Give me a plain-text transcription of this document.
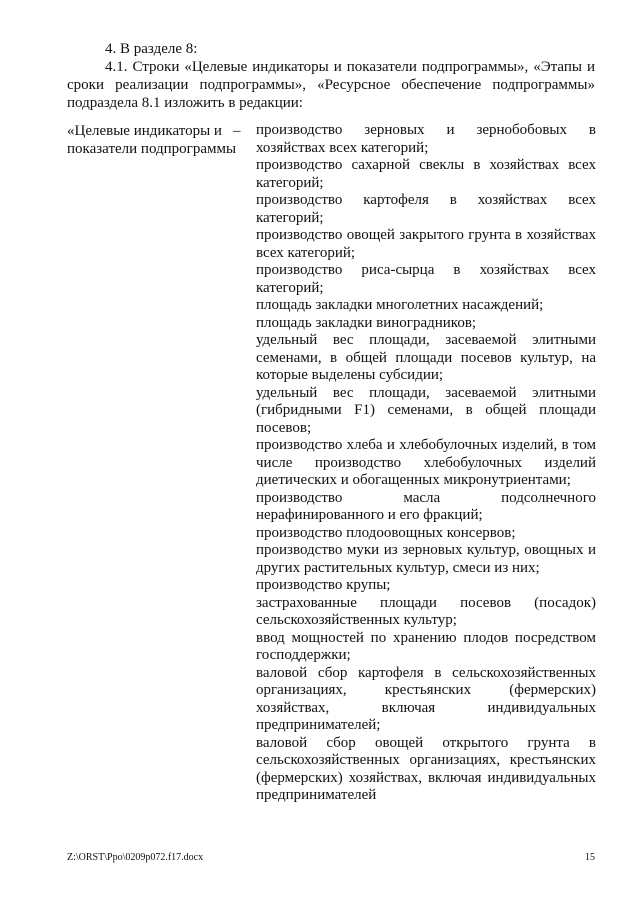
4. В разделе 8:
4.1. Строки «Целевые индикаторы и показатели подпрограммы», «Этапы и сроки реализации подпрограммы», «Ресурсное обеспечение подпрограммы» подраздела 8.1 изложить в редакции:
«Целевые индикаторы и показатели подпрограммы
– производство зерновых и зернобобовых в хозяйствах всех категорий;
производство сахарной свеклы в хозяйствах всех категорий;
производство картофеля в хозяйствах всех категорий;
производство овощей закрытого грунта в хозяйствах всех категорий;
производство риса-сырца в хозяйствах всех категорий;
площадь закладки многолетних насаждений;
площадь закладки виноградников;
удельный вес площади, засеваемой элитными семенами, в общей площади посевов культур, на которые выделены субсидии;
удельный вес площади, засеваемой элитными (гибридными F1) семенами, в общей площади посевов;
производство хлеба и хлебобулочных изделий, в том числе производство хлебобулочных изделий диетических и обогащенных микронутриентами;
производство масла подсолнечного нерафинированного и его фракций;
производство плодоовощных консервов;
производство муки из зерновых культур, овощных и других растительных культур, смеси из них;
производство крупы;
застрахованные площади посевов (посадок) сельскохозяйственных культур;
ввод мощностей по хранению плодов посредством господдержки;
валовой сбор картофеля в сельскохозяйственных организациях, крестьянских (фермерских) хозяйствах, включая индивидуальных предпринимателей;
валовой сбор овощей открытого грунта в сельскохозяйственных организациях, крестьянских (фермерских) хозяйствах, включая индивидуальных предпринимателей
Z:\ORST\Ppo\0209p072.f17.docx	15
